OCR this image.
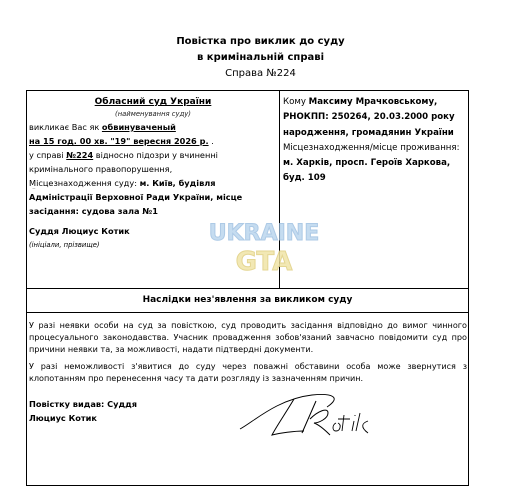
Повістка про виклик до суду
в кримінальній справі
Справа №224
Обласний суд України
(найменування суду)
викликає Вас як обвинуваченый
на 15 год. 00 хв. "19" вересня 2026 р. .
у справі №224 відносно підозри у вчиненні
кримінального правопорушення,
Місцезнаходження суду: м. Київ, будівля Адміністрації Верховної Ради України, місце засідання: судова зала №1
Суддя Люциус Котик
(ініціали, прізвище)
Кому Максиму Мрачковському, РНОКПП: 250264, 20.03.2000 року народження, громадянин України
Місцезнаходження/місце проживання: м. Харків, просп. Героїв Харкова, буд. 109
Наслідки нез'явлення за викликом суду
У разі неявки особи на суд за повісткою, суд проводить засідання відповідно до вимог чинного процесуального законодавства. Учасник провадження зобов'язаний завчасно повідомити суд про причини неявки та, за можливості, надати підтвердні документи.
У разі неможливості з'явитися до суду через поважні обставини особа може звернутися з клопотанням про перенесення часу та дати розгляду із зазначенням причин.
Повістку видав: Суддя
Люциус Котик
L Kotik
UKRAINE
GTA
